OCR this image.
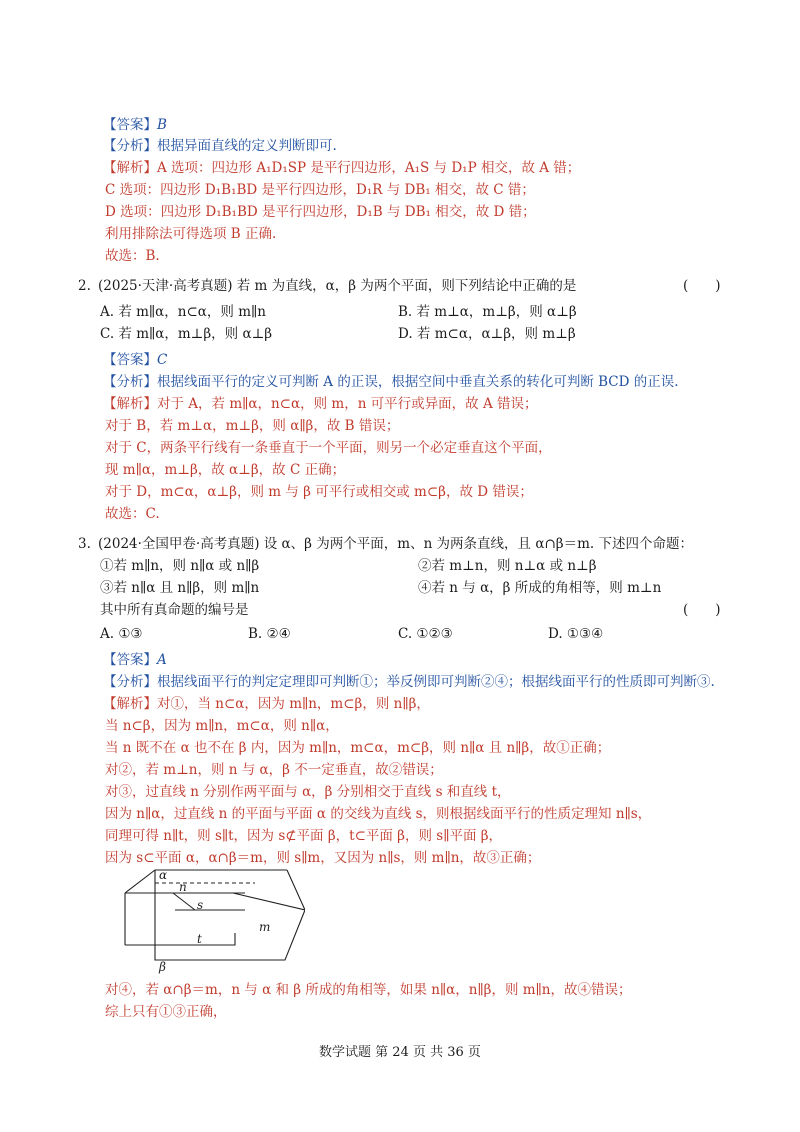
【答案】B
【分析】根据异面直线的定义判断即可.
【解析】A 选项：四边形 A₁D₁SP 是平行四边形，A₁S 与 D₁P 相交，故 A 错；
C 选项：四边形 D₁B₁BD 是平行四边形，D₁R 与 DB₁ 相交，故 C 错；
D 选项：四边形 D₁B₁BD 是平行四边形，D₁B 与 DB₁ 相交，故 D 错；
利用排除法可得选项 B 正确.
故选：B.
2. (2025·天津·高考真题) 若 m 为直线，α，β 为两个平面，则下列结论中正确的是	(　　)
A. 若 m∥α，n⊂α，则 m∥n	B. 若 m⊥α，m⊥β，则 α⊥β
C. 若 m∥α，m⊥β，则 α⊥β	D. 若 m⊂α，α⊥β，则 m⊥β
【答案】C
【分析】根据线面平行的定义可判断 A 的正误，根据空间中垂直关系的转化可判断 BCD 的正误.
【解析】对于 A，若 m∥α，n⊂α，则 m，n 可平行或异面，故 A 错误；
对于 B，若 m⊥α，m⊥β，则 α∥β，故 B 错误；
对于 C，两条平行线有一条垂直于一个平面，则另一个必定垂直这个平面，
现 m∥α，m⊥β，故 α⊥β，故 C 正确；
对于 D，m⊂α，α⊥β，则 m 与 β 可平行或相交或 m⊂β，故 D 错误；
故选：C.
3. (2024·全国甲卷·高考真题) 设 α、β 为两个平面，m、n 为两条直线，且 α∩β＝m. 下述四个命题：
①若 m∥n，则 n∥α 或 n∥β	②若 m⊥n，则 n⊥α 或 n⊥β
③若 n∥α 且 n∥β，则 m∥n	④若 n 与 α，β 所成的角相等，则 m⊥n
其中所有真命题的编号是	(　　)
A. ①③	B. ②④	C. ①②③	D. ①③④
【答案】A
【分析】根据线面平行的判定定理即可判断①；举反例即可判断②④；根据线面平行的性质即可判断③.
【解析】对①，当 n⊂α，因为 m∥n，m⊂β，则 n∥β，
当 n⊂β，因为 m∥n，m⊂α，则 n∥α，
当 n 既不在 α 也不在 β 内，因为 m∥n，m⊂α，m⊂β，则 n∥α 且 n∥β，故①正确；
对②，若 m⊥n，则 n 与 α，β 不一定垂直，故②错误；
对③，过直线 n 分别作两平面与 α，β 分别相交于直线 s 和直线 t，
因为 n∥α，过直线 n 的平面与平面 α 的交线为直线 s，则根据线面平行的性质定理知 n∥s，
同理可得 n∥t，则 s∥t，因为 s⊄平面 β，t⊂平面 β，则 s∥平面 β，
因为 s⊂平面 α，α∩β＝m，则 s∥m，又因为 n∥s，则 m∥n，故③正确；
α
n
s
m
t
β
对④，若 α∩β＝m，n 与 α 和 β 所成的角相等，如果 n∥α，n∥β，则 m∥n，故④错误；
综上只有①③正确，
数学试题 第 24 页 共 36 页
